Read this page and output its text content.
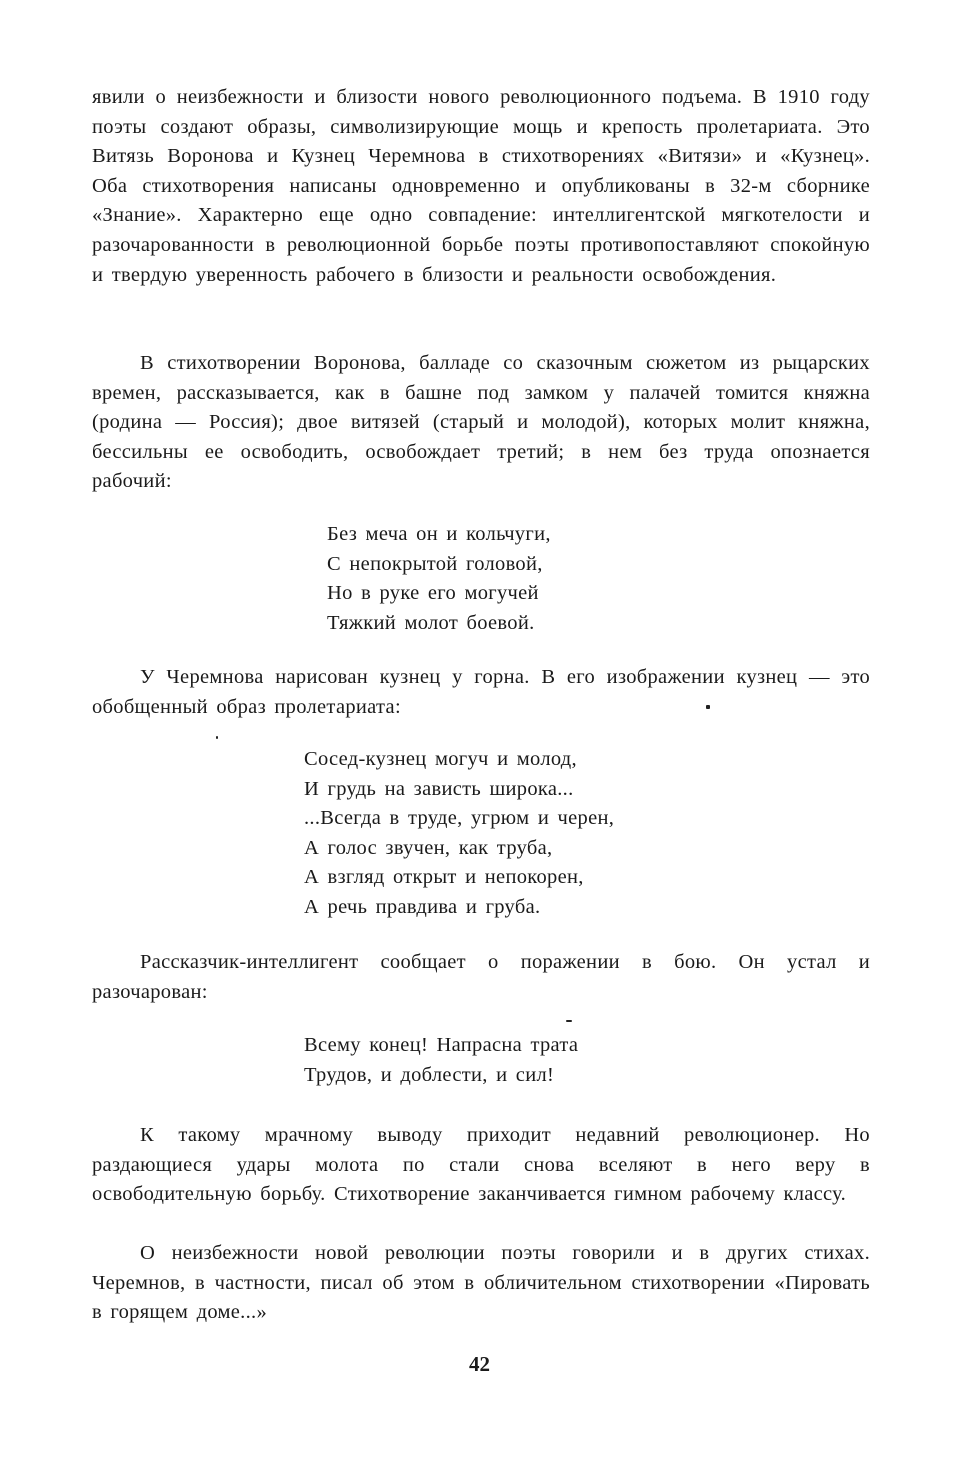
явили о неизбежности и близости нового революционного подъема. В 1910 году поэты создают образы, символизирующие мощь и крепость пролетариата. Это Витязь Воронова и Кузнец Черемнова в стихотворениях «Витязи» и «Кузнец». Оба стихотворения написаны одновременно и опубликованы в 32-м сборнике «Знание». Характерно еще одно совпадение: интеллигентской мягкотелости и разочарованности в революционной борьбе поэты противопоставляют спокойную и твердую уверенность рабочего в близости и реальности освобождения.

В стихотворении Воронова, балладе со сказочным сюжетом из рыцарских времен, рассказывается, как в башне под замком у палачей томится княжна (родина — Россия); двое витязей (старый и молодой), которых молит княжна, бессильны ее освободить, освобождает третий; в нем без труда опознается рабочий:

Без меча он и кольчуги,
С непокрытой головой,
Но в руке его могучей
Тяжкий молот боевой.

У Черемнова нарисован кузнец у горна. В его изображении кузнец — это обобщенный образ пролетариата:

Сосед-кузнец могуч и молод,
И грудь на зависть широка...
...Всегда в труде, угрюм и черен,
А голос звучен, как труба,
А взгляд открыт и непокорен,
А речь правдива и груба.

Рассказчик-интеллигент сообщает о поражении в бою. Он устал и разочарован:

Всему конец! Напрасна трата
Трудов, и доблести, и сил!

К такому мрачному выводу приходит недавний революционер. Но раздающиеся удары молота по стали снова вселяют в него веру в освободительную борьбу. Стихотворение заканчивается гимном рабочему классу.

О неизбежности новой революции поэты говорили и в других стихах. Черемнов, в частности, писал об этом в обличительном стихотворении «Пировать в горящем доме...»

42
